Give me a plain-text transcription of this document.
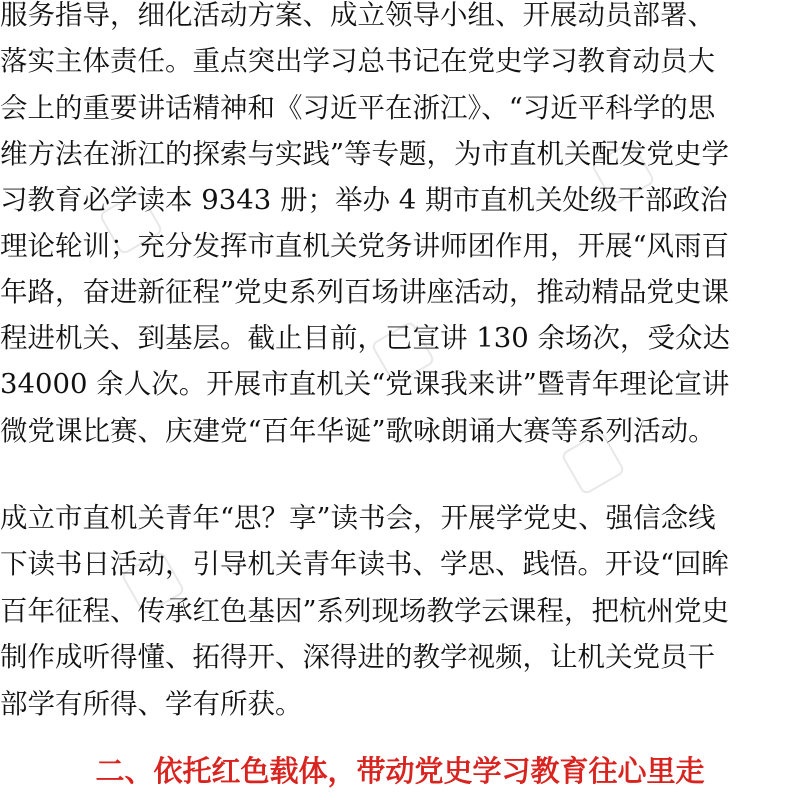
服务指导，细化活动方案、成立领导小组、开展动员部署、
落实主体责任。重点突出学习总书记在党史学习教育动员大
会上的重要讲话精神和《习近平在浙江》、“习近平科学的思
维方法在浙江的探索与实践”等专题，为市直机关配发党史学
习教育必学读本 9343 册；举办 4 期市直机关处级干部政治
理论轮训；充分发挥市直机关党务讲师团作用，开展“风雨百
年路，奋进新征程”党史系列百场讲座活动，推动精品党史课
程进机关、到基层。截止目前，已宣讲 130 余场次，受众达
34000 余人次。开展市直机关“党课我来讲”暨青年理论宣讲
微党课比赛、庆建党“百年华诞”歌咏朗诵大赛等系列活动。
成立市直机关青年“思？享”读书会，开展学党史、强信念线
下读书日活动，引导机关青年读书、学思、践悟。开设“回眸
百年征程、传承红色基因”系列现场教学云课程，把杭州党史
制作成听得懂、拓得开、深得进的教学视频，让机关党员干
部学有所得、学有所获。
二、依托红色载体，带动党史学习教育往心里走
